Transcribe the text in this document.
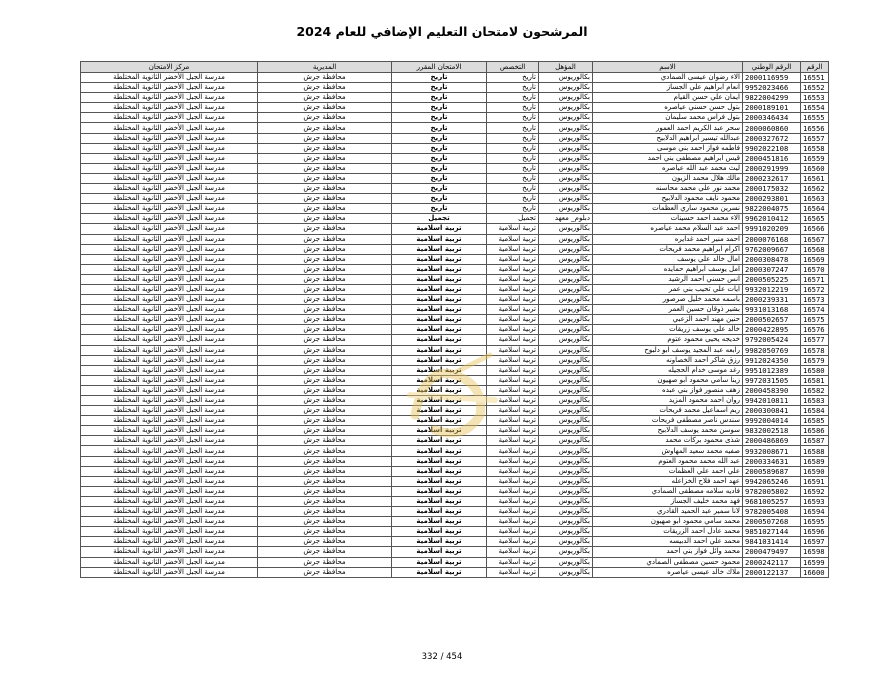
المرشحون لامتحان التعليم الإضافي للعام 2024
الرقم	الرقم الوطني	الاسم	المؤهل	التخصص	الامتحان المقرر	المديرية	مركز الامتحان
16551	2000116959	الاء رضوان عيسى الصمادي	بكالوريوس	تاريخ	تاريخ	محافظة جرش	مدرسة الجبل الأخضر الثانوية المختلطة
16552	9952023466	انعام ابراهيم علي الجساز	بكالوريوس	تاريخ	تاريخ	محافظة جرش	مدرسة الجبل الأخضر الثانوية المختلطة
16553	9822004299	ايمان علي حسن القيام	بكالوريوس	تاريخ	تاريخ	محافظة جرش	مدرسة الجبل الأخضر الثانوية المختلطة
16554	2000189101	بتول حسن حسني عياصره	بكالوريوس	تاريخ	تاريخ	محافظة جرش	مدرسة الجبل الأخضر الثانوية المختلطة
16555	2000346434	بتول فراس محمد سليمان	بكالوريوس	تاريخ	تاريخ	محافظة جرش	مدرسة الجبل الأخضر الثانوية المختلطة
16556	2000060860	سحر عبد الكريم احمد العمور	بكالوريوس	تاريخ	تاريخ	محافظة جرش	مدرسة الجبل الأخضر الثانوية المختلطة
16557	2000327672	عبدالله تيسير ابراهيم الدلابيح	بكالوريوس	تاريخ	تاريخ	محافظة جرش	مدرسة الجبل الأخضر الثانوية المختلطة
16558	9902022108	فاطمه فواز احمد بني موسى	بكالوريوس	تاريخ	تاريخ	محافظة جرش	مدرسة الجبل الأخضر الثانوية المختلطة
16559	2000451816	قيس ابراهيم مصطفى بني احمد	بكالوريوس	تاريخ	تاريخ	محافظة جرش	مدرسة الجبل الأخضر الثانوية المختلطة
16560	2000291999	ليث محمد عبد الله عياصره	بكالوريوس	تاريخ	تاريخ	محافظة جرش	مدرسة الجبل الأخضر الثانوية المختلطة
16561	2000232617	مالك هلال محمد الزيون	بكالوريوس	تاريخ	تاريخ	محافظة جرش	مدرسة الجبل الأخضر الثانوية المختلطة
16562	2000175032	محمد نور علي محمد محاسنه	بكالوريوس	تاريخ	تاريخ	محافظة جرش	مدرسة الجبل الأخضر الثانوية المختلطة
16563	2000293801	محمود نايف محمود الدلابيح	بكالوريوس	تاريخ	تاريخ	محافظة جرش	مدرسة الجبل الأخضر الثانوية المختلطة
16564	9822004075	نسرين محمود ساري العظمات	بكالوريوس	تاريخ	تاريخ	محافظة جرش	مدرسة الجبل الأخضر الثانوية المختلطة
16565	9962010412	الاء محمد احمد حسينات	دبلوم_ معهد	تجميل	تجميل	محافظة جرش	مدرسة الجبل الأخضر الثانوية المختلطة
16566	9991020209	احمد عبد السلام محمد عياصره	بكالوريوس	تربية اسلامية	تربية اسلامية	محافظة جرش	مدرسة الجبل الأخضر الثانوية المختلطة
16567	2000076168	احمد منير احمد غدايره	بكالوريوس	تربية اسلامية	تربية اسلامية	محافظة جرش	مدرسة الجبل الأخضر الثانوية المختلطة
16568	9762009667	اكرام ابراهيم محمد فريحات	بكالوريوس	تربية اسلامية	تربية اسلامية	محافظة جرش	مدرسة الجبل الأخضر الثانوية المختلطة
16569	2000308478	امال خالد علي يوسف	بكالوريوس	تربية اسلامية	تربية اسلامية	محافظة جرش	مدرسة الجبل الأخضر الثانوية المختلطة
16570	2000307247	امل يوسف ابراهيم حمايده	بكالوريوس	تربية اسلامية	تربية اسلامية	محافظة جرش	مدرسة الجبل الأخضر الثانوية المختلطة
16571	2000505225	انس حسني احمد الرشيد	بكالوريوس	تربية اسلامية	تربية اسلامية	محافظة جرش	مدرسة الجبل الأخضر الثانوية المختلطة
16572	9932012219	ايات علي تحيب بني عمر	بكالوريوس	تربية اسلامية	تربية اسلامية	محافظة جرش	مدرسة الجبل الأخضر الثانوية المختلطة
16573	2000239331	باسمه محمد خليل صرصور	بكالوريوس	تربية اسلامية	تربية اسلامية	محافظة جرش	مدرسة الجبل الأخضر الثانوية المختلطة
16574	9931013168	بشير ذوقان حسين العمر	بكالوريوس	تربية اسلامية	تربية اسلامية	محافظة جرش	مدرسة الجبل الأخضر الثانوية المختلطة
16575	2000502657	حنين مهند احمد الزعبي	بكالوريوس	تربية اسلامية	تربية اسلامية	محافظة جرش	مدرسة الجبل الأخضر الثانوية المختلطة
16576	2000422895	خالد علي يوسف زريقات	بكالوريوس	تربية اسلامية	تربية اسلامية	محافظة جرش	مدرسة الجبل الأخضر الثانوية المختلطة
16577	9792005424	خديجه يحيى محمود عتوم	بكالوريوس	تربية اسلامية	تربية اسلامية	محافظة جرش	مدرسة الجبل الأخضر الثانوية المختلطة
16578	9982050769	رابعه عبد المجيد يوسف ابو دلبوح	بكالوريوس	تربية اسلامية	تربية اسلامية	محافظة جرش	مدرسة الجبل الأخضر الثانوية المختلطة
16579	9912024350	رزق شاكر احمد الخصاونه	بكالوريوس	تربية اسلامية	تربية اسلامية	محافظة جرش	مدرسة الجبل الأخضر الثانوية المختلطة
16580	9951012389	رغد موسى خدام الحجيله	بكالوريوس	تربية اسلامية	تربية اسلامية	محافظة جرش	مدرسة الجبل الأخضر الثانوية المختلطة
16581	9972031505	زينا سامي محمود ابو صهيون	بكالوريوس	تربية اسلامية	تربية اسلامية	محافظة جرش	مدرسة الجبل الأخضر الثانوية المختلطة
16582	2000458390	زهف منصور فواز بني عبده	بكالوريوس	تربية اسلامية	تربية اسلامية	محافظة جرش	مدرسة الجبل الأخضر الثانوية المختلطة
16583	9942010811	روان احمد محمود المزيد	بكالوريوس	تربية اسلامية	تربية اسلامية	محافظة جرش	مدرسة الجبل الأخضر الثانوية المختلطة
16584	2000300841	ريم اسماعيل محمد فريحات	بكالوريوس	تربية اسلامية	تربية اسلامية	محافظة جرش	مدرسة الجبل الأخضر الثانوية المختلطة
16585	9992004014	سندس ناصر مصطفى فريحات	بكالوريوس	تربية اسلامية	تربية اسلامية	محافظة جرش	مدرسة الجبل الأخضر الثانوية المختلطة
16586	9832002518	سوسن محمد يوسف الدلابيح	بكالوريوس	تربية اسلامية	تربية اسلامية	محافظة جرش	مدرسة الجبل الأخضر الثانوية المختلطة
16587	2000486869	شذى محمود بركات محمد	بكالوريوس	تربية اسلامية	تربية اسلامية	محافظة جرش	مدرسة الجبل الأخضر الثانوية المختلطة
16588	9932008671	صفيه محمد سعيد المهاوش	بكالوريوس	تربية اسلامية	تربية اسلامية	محافظة جرش	مدرسة الجبل الأخضر الثانوية المختلطة
16589	2000334631	عبد الله محمد محمود العتوم	بكالوريوس	تربية اسلامية	تربية اسلامية	محافظة جرش	مدرسة الجبل الأخضر الثانوية المختلطة
16590	2000589687	علي احمد علي العظمات	بكالوريوس	تربية اسلامية	تربية اسلامية	محافظة جرش	مدرسة الجبل الأخضر الثانوية المختلطة
16591	9942065246	عهد احمد فلاح الخزاعله	بكالوريوس	تربية اسلامية	تربية اسلامية	محافظة جرش	مدرسة الجبل الأخضر الثانوية المختلطة
16592	9782005802	فاديه سلامه مصطفى الصمادي	بكالوريوس	تربية اسلامية	تربية اسلامية	محافظة جرش	مدرسة الجبل الأخضر الثانوية المختلطة
16593	9681005257	فهد محمد خليف الجساز	بكالوريوس	تربية اسلامية	تربية اسلامية	محافظة جرش	مدرسة الجبل الأخضر الثانوية المختلطة
16594	9782005408	لانا سمير عبد الحميد القادري	بكالوريوس	تربية اسلامية	تربية اسلامية	محافظة جرش	مدرسة الجبل الأخضر الثانوية المختلطة
16595	2000507268	محمد سامي محمود ابو صهيون	بكالوريوس	تربية اسلامية	تربية اسلامية	محافظة جرش	مدرسة الجبل الأخضر الثانوية المختلطة
16596	9851027144	محمد عادل احمد الزريقات	بكالوريوس	تربية اسلامية	تربية اسلامية	محافظة جرش	مدرسة الجبل الأخضر الثانوية المختلطة
16597	9841031414	محمد علي احمد الدبيسه	بكالوريوس	تربية اسلامية	تربية اسلامية	محافظة جرش	مدرسة الجبل الأخضر الثانوية المختلطة
16598	2000479497	محمد وائل فواز بني احمد	بكالوريوس	تربية اسلامية	تربية اسلامية	محافظة جرش	مدرسة الجبل الأخضر الثانوية المختلطة
16599	2000242117	محمود حسين مصطفى الصمادي	بكالوريوس	تربية اسلامية	تربية اسلامية	محافظة جرش	مدرسة الجبل الأخضر الثانوية المختلطة
16600	2000122137	ملاك خالد عيسى عياصره	بكالوريوس	تربية اسلامية	تربية اسلامية	محافظة جرش	مدرسة الجبل الأخضر الثانوية المختلطة
332 / 454
